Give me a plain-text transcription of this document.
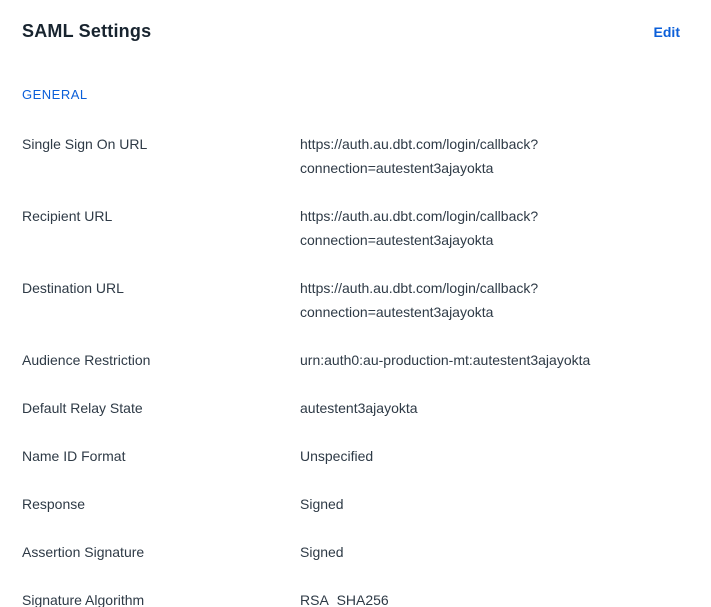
SAML Settings	Edit
GENERAL
Single Sign On URL	https://auth.au.dbt.com/login/callback?connection=autestent3ajayokta
Recipient URL	https://auth.au.dbt.com/login/callback?connection=autestent3ajayokta
Destination URL	https://auth.au.dbt.com/login/callback?connection=autestent3ajayokta
Audience Restriction	urn:auth0:au-production-mt:autestent3ajayokta
Default Relay State	autestent3ajayokta
Name ID Format	Unspecified
Response	Signed
Assertion Signature	Signed
Signature Algorithm	RSA_SHA256
